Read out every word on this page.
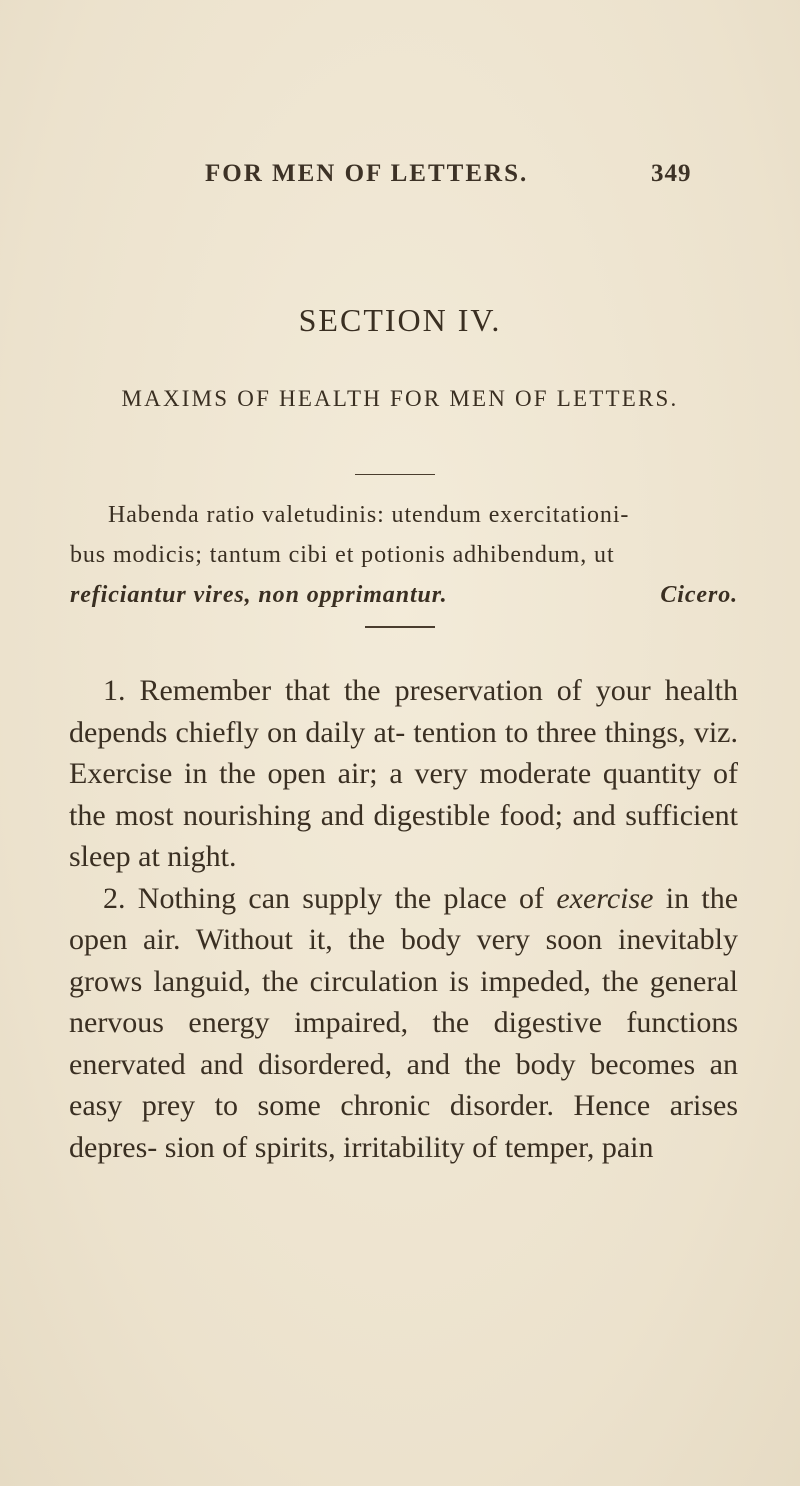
FOR MEN OF LETTERS.	349
SECTION IV.
MAXIMS OF HEALTH FOR MEN OF LETTERS.
Habenda ratio valetudinis: utendum exercitationi-
bus modicis; tantum cibi et potionis adhibendum, ut
reficiantur vires, non opprimantur.	Cicero.

1. Remember that the preservation of your health depends chiefly on daily at- tention to three things, viz. Exercise in the open air; a very moderate quantity of the most nourishing and digestible food; and sufficient sleep at night.

2. Nothing can supply the place of exercise in the open air. Without it, the body very soon inevitably grows languid, the circulation is impeded, the general nervous energy impaired, the digestive functions enervated and disordered, and the body becomes an easy prey to some chronic disorder. Hence arises depres- sion of spirits, irritability of temper, pain
